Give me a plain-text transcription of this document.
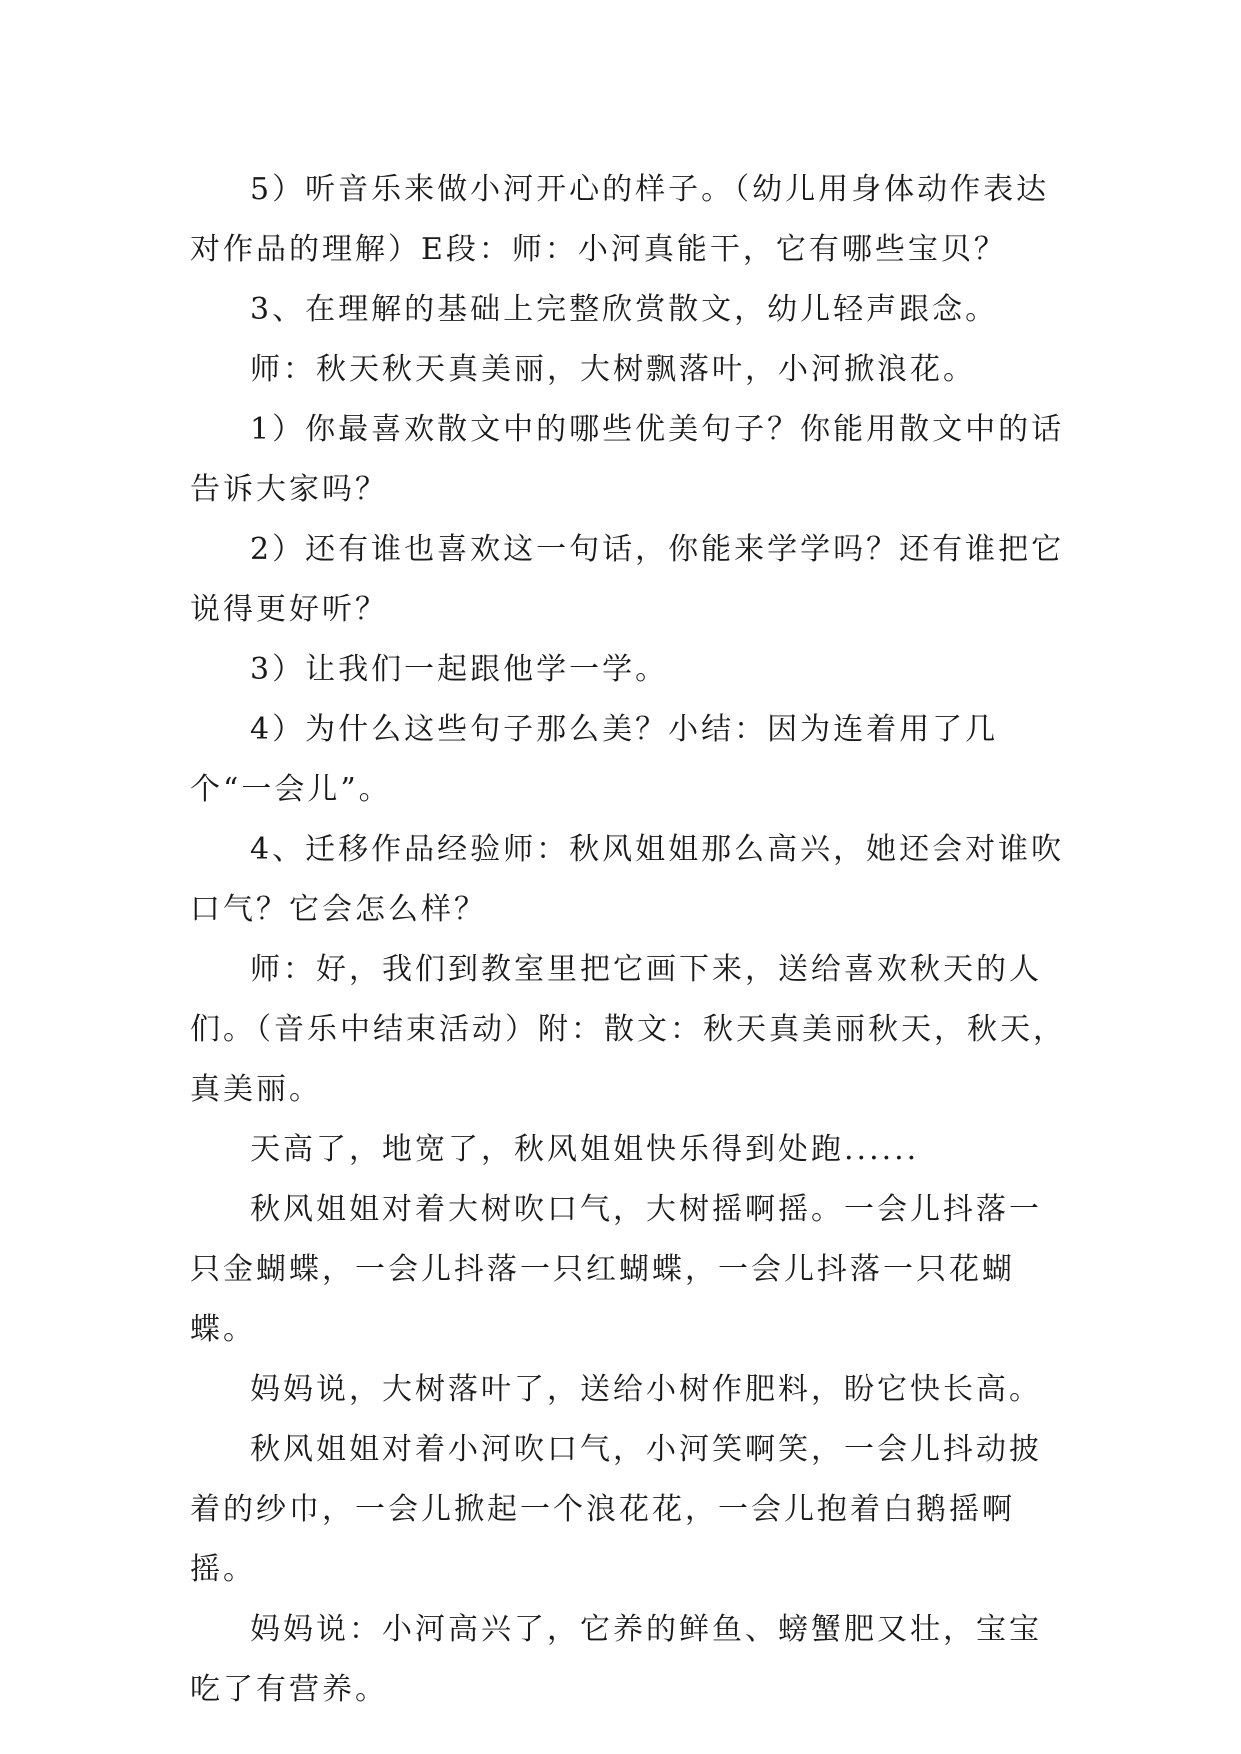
5）听音乐来做小河开心的样子。（幼儿用身体动作表达对作品的理解）E段：师：小河真能干，它有哪些宝贝？

3、在理解的基础上完整欣赏散文，幼儿轻声跟念。

师：秋天秋天真美丽，大树飘落叶，小河掀浪花。

1）你最喜欢散文中的哪些优美句子？你能用散文中的话告诉大家吗？

2）还有谁也喜欢这一句话，你能来学学吗？还有谁把它说得更好听？

3）让我们一起跟他学一学。

4）为什么这些句子那么美？小结：因为连着用了几个“一会儿”。

4、迁移作品经验师：秋风姐姐那么高兴，她还会对谁吹口气？它会怎么样？

师：好，我们到教室里把它画下来，送给喜欢秋天的人们。（音乐中结束活动）附：散文：秋天真美丽秋天，秋天，真美丽。

天高了，地宽了，秋风姐姐快乐得到处跑......

秋风姐姐对着大树吹口气，大树摇啊摇。一会儿抖落一只金蝴蝶，一会儿抖落一只红蝴蝶，一会儿抖落一只花蝴蝶。

妈妈说，大树落叶了，送给小树作肥料，盼它快长高。

秋风姐姐对着小河吹口气，小河笑啊笑，一会儿抖动披着的纱巾，一会儿掀起一个浪花花，一会儿抱着白鹅摇啊摇。

妈妈说：小河高兴了，它养的鲜鱼、螃蟹肥又壮，宝宝吃了有营养。
